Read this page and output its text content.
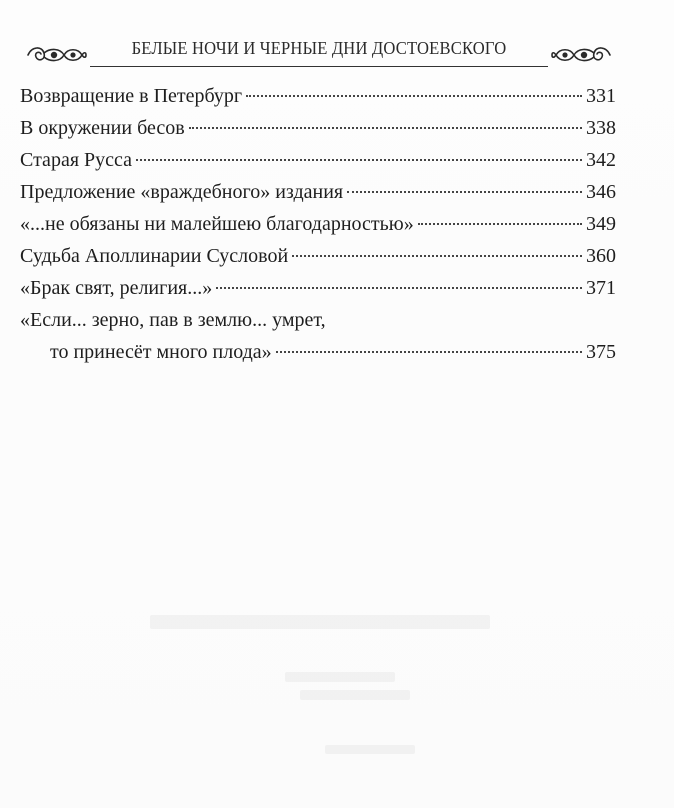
БЕЛЫЕ НОЧИ И ЧЕРНЫЕ ДНИ ДОСТОЕВСКОГО
Возвращение в Петербург	331
В окружении бесов	338
Старая Русса	342
Предложение «враждебного» издания	346
«...не обязаны ни малейшею благодарностью»	349
Судьба Аполлинарии Сусловой	360
«Брак свят, религия...»	371
«Если... зерно, пав в землю... умрет,
то принесёт много плода»	375
